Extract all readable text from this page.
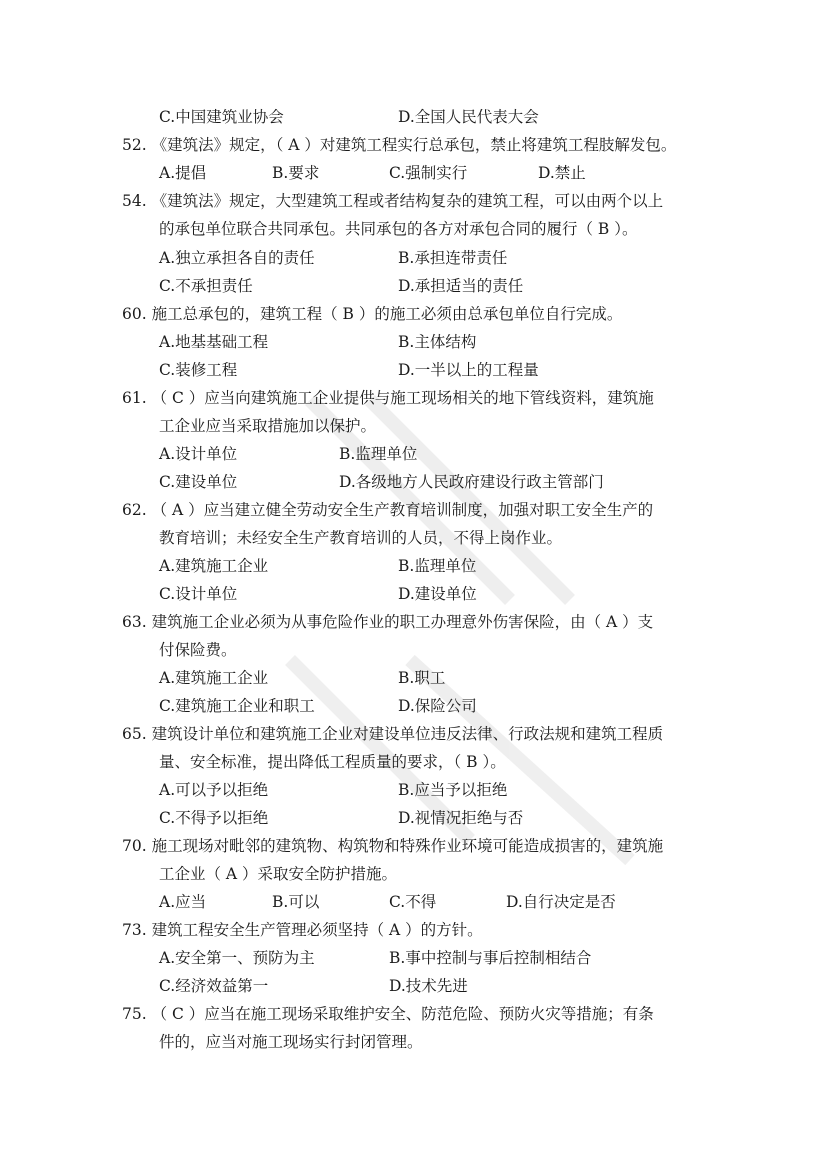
C.中国建筑业协会	D.全国人民代表大会
52. 《建筑法》规定，（ A ）对建筑工程实行总承包，禁止将建筑工程肢解发包。
A.提倡	B.要求	C.强制实行	D.禁止
54. 《建筑法》规定，大型建筑工程或者结构复杂的建筑工程，可以由两个以上
的承包单位联合共同承包。共同承包的各方对承包合同的履行（ B ）。
A.独立承担各自的责任	B.承担连带责任
C.不承担责任	D.承担适当的责任
60. 施工总承包的，建筑工程（ B ）的施工必须由总承包单位自行完成。
A.地基基础工程	B.主体结构
C.装修工程	D.一半以上的工程量
61. （ C ）应当向建筑施工企业提供与施工现场相关的地下管线资料，建筑施
工企业应当采取措施加以保护。
A.设计单位	B.监理单位
C.建设单位	D.各级地方人民政府建设行政主管部门
62. （ A ）应当建立健全劳动安全生产教育培训制度，加强对职工安全生产的
教育培训；未经安全生产教育培训的人员，不得上岗作业。
A.建筑施工企业	B.监理单位
C.设计单位	D.建设单位
63. 建筑施工企业必须为从事危险作业的职工办理意外伤害保险，由（ A ）支
付保险费。
A.建筑施工企业	B.职工
C.建筑施工企业和职工	D.保险公司
65. 建筑设计单位和建筑施工企业对建设单位违反法律、行政法规和建筑工程质
量、安全标准，提出降低工程质量的要求，（ B ）。
A.可以予以拒绝	B.应当予以拒绝
C.不得予以拒绝	D.视情况拒绝与否
70. 施工现场对毗邻的建筑物、构筑物和特殊作业环境可能造成损害的，建筑施
工企业（ A ）采取安全防护措施。
A.应当	B.可以	C.不得	D.自行决定是否
73. 建筑工程安全生产管理必须坚持（ A ）的方针。
A.安全第一、预防为主	B.事中控制与事后控制相结合
C.经济效益第一	D.技术先进
75. （ C ）应当在施工现场采取维护安全、防范危险、预防火灾等措施；有条
件的，应当对施工现场实行封闭管理。
